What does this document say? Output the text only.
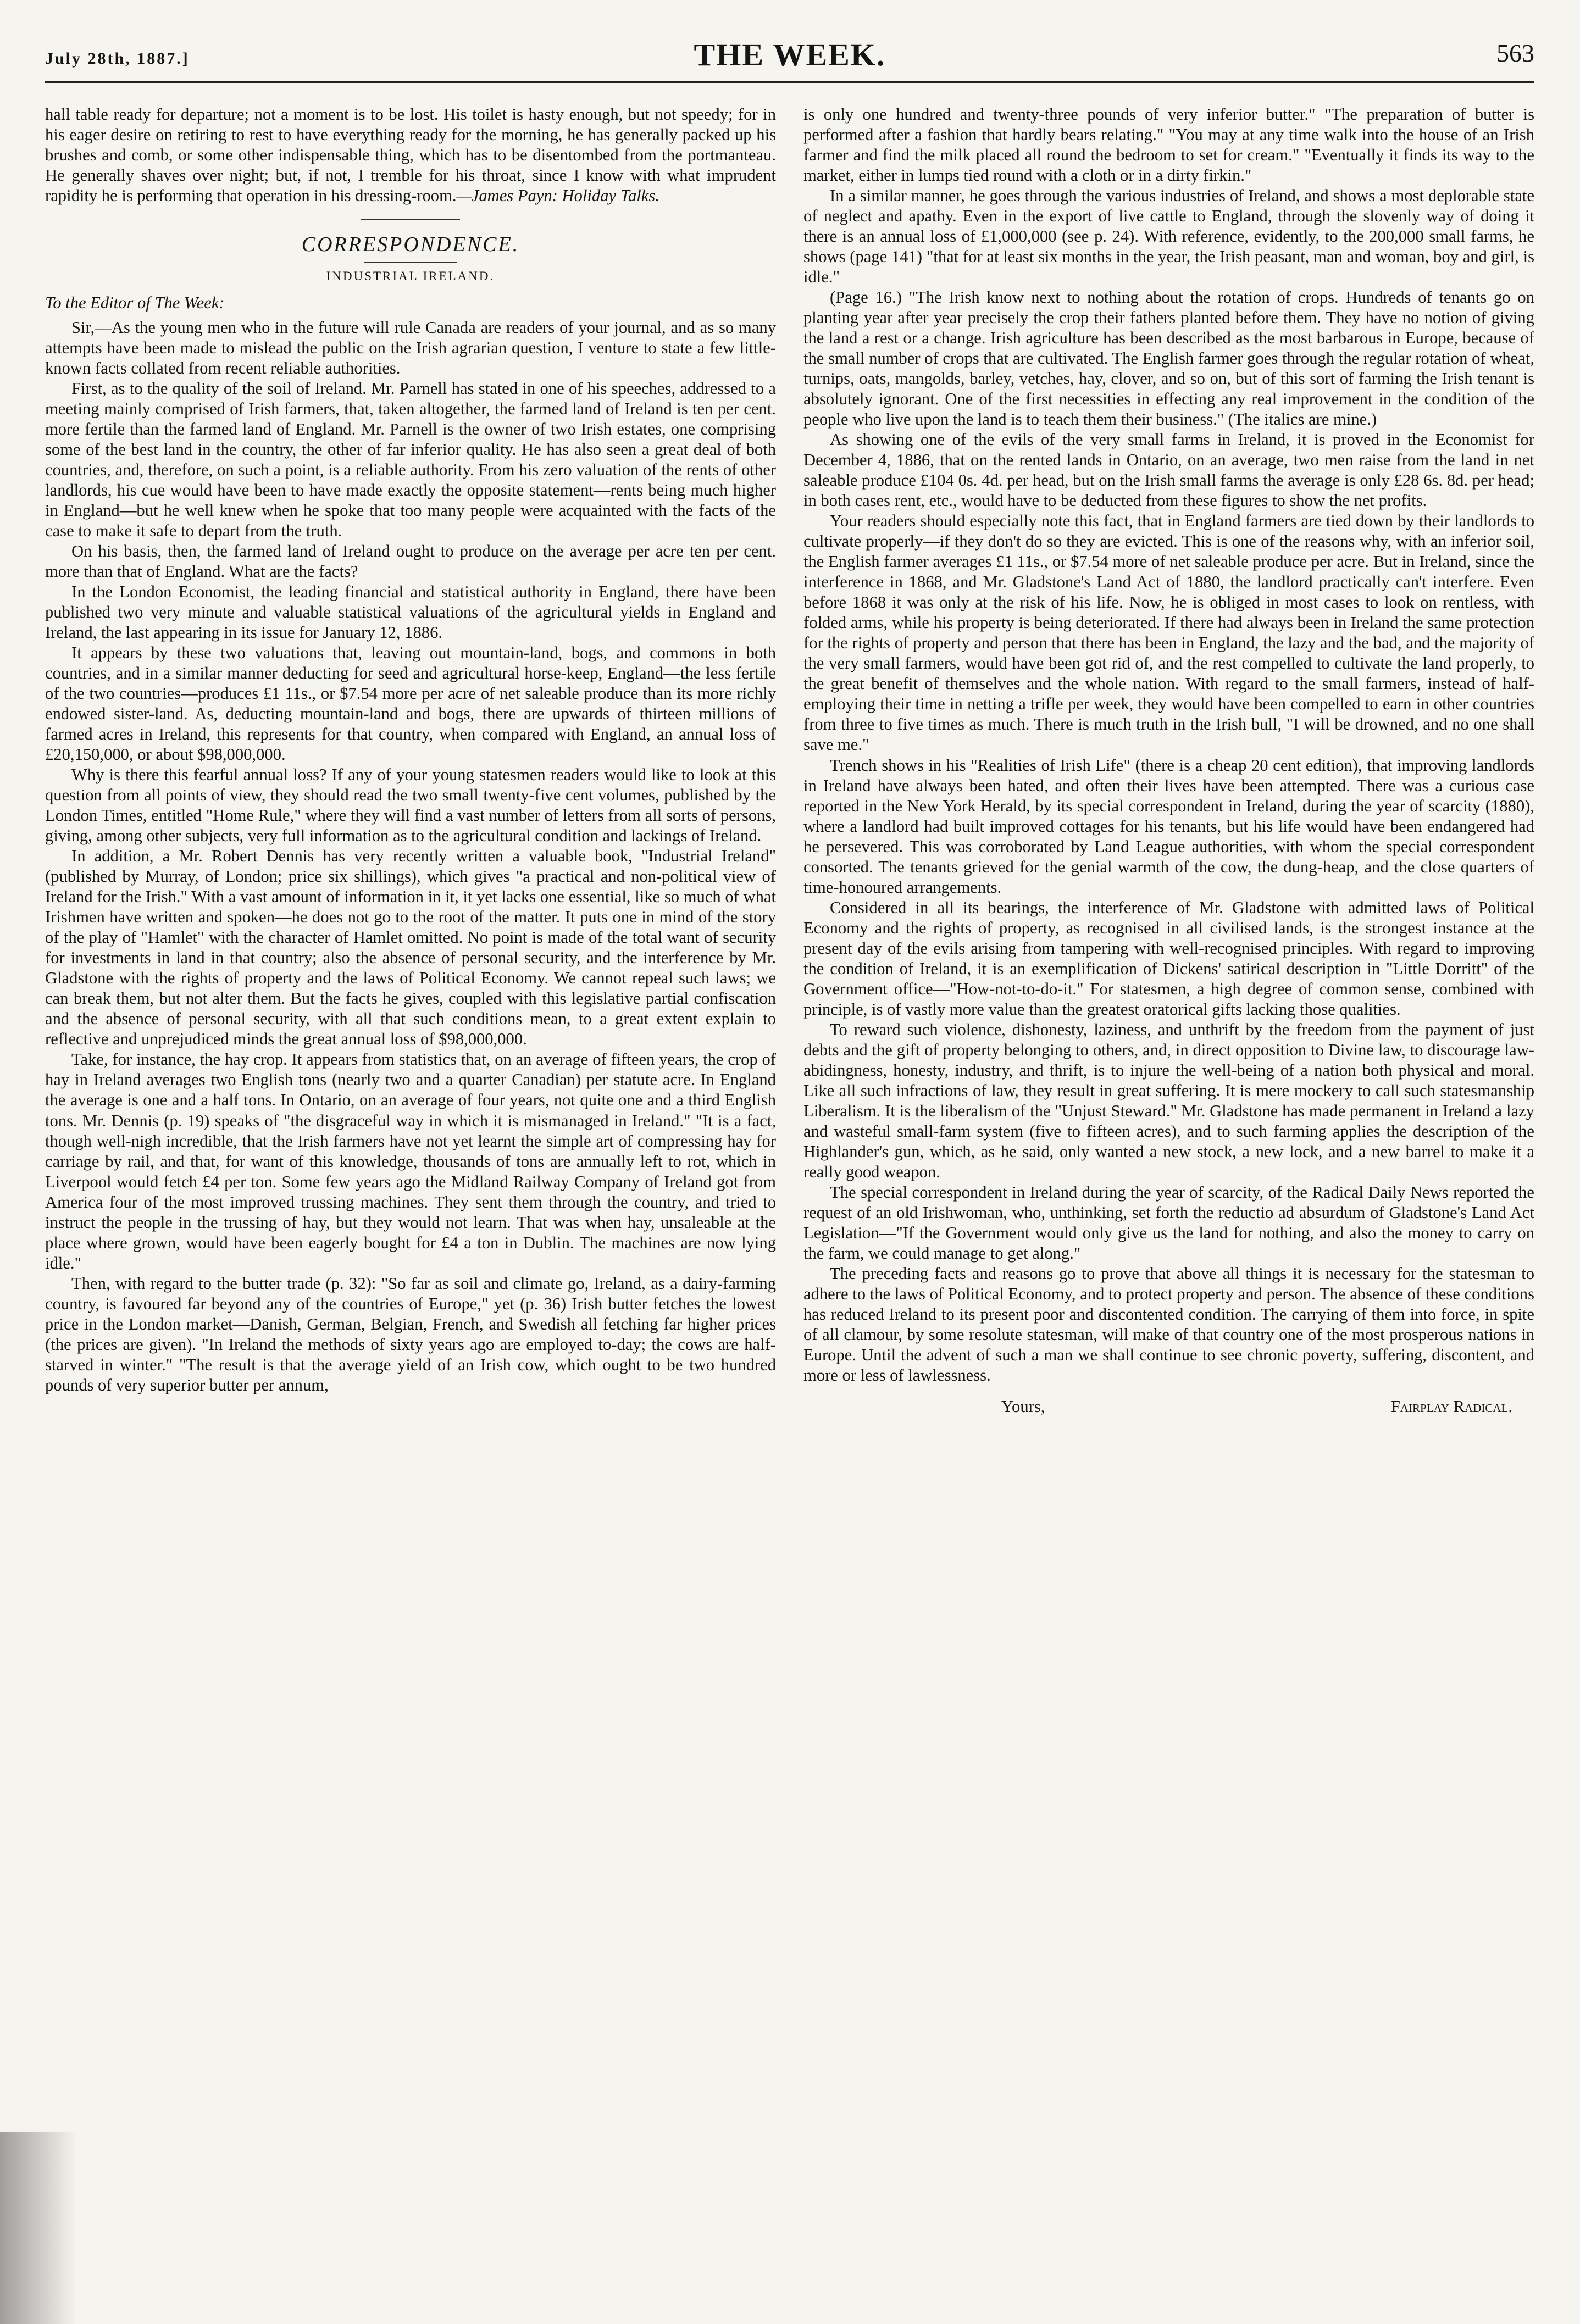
July 28th, 1887.]	THE WEEK.	563

hall table ready for departure; not a moment is to be lost. His toilet is hasty enough, but not speedy; for in his eager desire on retiring to rest to have everything ready for the morning, he has generally packed up his brushes and comb, or some other indispensable thing, which has to be disentombed from the portmanteau. He generally shaves over night; but, if not, I tremble for his throat, since I know with what imprudent rapidity he is performing that operation in his dressing-room.—James Payn: Holiday Talks.

CORRESPONDENCE.
INDUSTRIAL IRELAND.

To the Editor of The Week:

Sir,—As the young men who in the future will rule Canada are readers of your journal, and as so many attempts have been made to mislead the public on the Irish agrarian question, I venture to state a few little-known facts collated from recent reliable authorities.

First, as to the quality of the soil of Ireland. Mr. Parnell has stated in one of his speeches, addressed to a meeting mainly comprised of Irish farmers, that, taken altogether, the farmed land of Ireland is ten per cent. more fertile than the farmed land of England. Mr. Parnell is the owner of two Irish estates, one comprising some of the best land in the country, the other of far inferior quality. He has also seen a great deal of both countries, and, therefore, on such a point, is a reliable authority. From his zero valuation of the rents of other landlords, his cue would have been to have made exactly the opposite statement—rents being much higher in England—but he well knew when he spoke that too many people were acquainted with the facts of the case to make it safe to depart from the truth.

On his basis, then, the farmed land of Ireland ought to produce on the average per acre ten per cent. more than that of England. What are the facts?

In the London Economist, the leading financial and statistical authority in England, there have been published two very minute and valuable statistical valuations of the agricultural yields in England and Ireland, the last appearing in its issue for January 12, 1886.

It appears by these two valuations that, leaving out mountain-land, bogs, and commons in both countries, and in a similar manner deducting for seed and agricultural horse-keep, England—the less fertile of the two countries—produces £1 11s., or $7.54 more per acre of net saleable produce than its more richly endowed sister-land. As, deducting mountain-land and bogs, there are upwards of thirteen millions of farmed acres in Ireland, this represents for that country, when compared with England, an annual loss of £20,150,000, or about $98,000,000.

Why is there this fearful annual loss? If any of your young statesmen readers would like to look at this question from all points of view, they should read the two small twenty-five cent volumes, published by the London Times, entitled "Home Rule," where they will find a vast number of letters from all sorts of persons, giving, among other subjects, very full information as to the agricultural condition and lackings of Ireland.

In addition, a Mr. Robert Dennis has very recently written a valuable book, "Industrial Ireland" (published by Murray, of London; price six shillings), which gives "a practical and non-political view of Ireland for the Irish." With a vast amount of information in it, it yet lacks one essential, like so much of what Irishmen have written and spoken—he does not go to the root of the matter. It puts one in mind of the story of the play of "Hamlet" with the character of Hamlet omitted. No point is made of the total want of security for investments in land in that country; also the absence of personal security, and the interference by Mr. Gladstone with the rights of property and the laws of Political Economy. We cannot repeal such laws; we can break them, but not alter them. But the facts he gives, coupled with this legislative partial confiscation and the absence of personal security, with all that such conditions mean, to a great extent explain to reflective and unprejudiced minds the great annual loss of $98,000,000.

Take, for instance, the hay crop. It appears from statistics that, on an average of fifteen years, the crop of hay in Ireland averages two English tons (nearly two and a quarter Canadian) per statute acre. In England the average is one and a half tons. In Ontario, on an average of four years, not quite one and a third English tons. Mr. Dennis (p. 19) speaks of "the disgraceful way in which it is mismanaged in Ireland." "It is a fact, though well-nigh incredible, that the Irish farmers have not yet learnt the simple art of compressing hay for carriage by rail, and that, for want of this knowledge, thousands of tons are annually left to rot, which in Liverpool would fetch £4 per ton. Some few years ago the Midland Railway Company of Ireland got from America four of the most improved trussing machines. They sent them through the country, and tried to instruct the people in the trussing of hay, but they would not learn. That was when hay, unsaleable at the place where grown, would have been eagerly bought for £4 a ton in Dublin. The machines are now lying idle."

Then, with regard to the butter trade (p. 32): "So far as soil and climate go, Ireland, as a dairy-farming country, is favoured far beyond any of the countries of Europe," yet (p. 36) Irish butter fetches the lowest price in the London market—Danish, German, Belgian, French, and Swedish all fetching far higher prices (the prices are given). "In Ireland the methods of sixty years ago are employed to-day; the cows are half-starved in winter." "The result is that the average yield of an Irish cow, which ought to be two hundred pounds of very superior butter per annum,

is only one hundred and twenty-three pounds of very inferior butter." "The preparation of butter is performed after a fashion that hardly bears relating." "You may at any time walk into the house of an Irish farmer and find the milk placed all round the bedroom to set for cream." "Eventually it finds its way to the market, either in lumps tied round with a cloth or in a dirty firkin."

In a similar manner, he goes through the various industries of Ireland, and shows a most deplorable state of neglect and apathy. Even in the export of live cattle to England, through the slovenly way of doing it there is an annual loss of £1,000,000 (see p. 24). With reference, evidently, to the 200,000 small farms, he shows (page 141) "that for at least six months in the year, the Irish peasant, man and woman, boy and girl, is idle."

(Page 16.) "The Irish know next to nothing about the rotation of crops. Hundreds of tenants go on planting year after year precisely the crop their fathers planted before them. They have no notion of giving the land a rest or a change. Irish agriculture has been described as the most barbarous in Europe, because of the small number of crops that are cultivated. The English farmer goes through the regular rotation of wheat, turnips, oats, mangolds, barley, vetches, hay, clover, and so on, but of this sort of farming the Irish tenant is absolutely ignorant. One of the first necessities in effecting any real improvement in the condition of the people who live upon the land is to teach them their business." (The italics are mine.)

As showing one of the evils of the very small farms in Ireland, it is proved in the Economist for December 4, 1886, that on the rented lands in Ontario, on an average, two men raise from the land in net saleable produce £104 0s. 4d. per head, but on the Irish small farms the average is only £28 6s. 8d. per head; in both cases rent, etc., would have to be deducted from these figures to show the net profits.

Your readers should especially note this fact, that in England farmers are tied down by their landlords to cultivate properly—if they don't do so they are evicted. This is one of the reasons why, with an inferior soil, the English farmer averages £1 11s., or $7.54 more of net saleable produce per acre. But in Ireland, since the interference in 1868, and Mr. Gladstone's Land Act of 1880, the landlord practically can't interfere. Even before 1868 it was only at the risk of his life. Now, he is obliged in most cases to look on rentless, with folded arms, while his property is being deteriorated. If there had always been in Ireland the same protection for the rights of property and person that there has been in England, the lazy and the bad, and the majority of the very small farmers, would have been got rid of, and the rest compelled to cultivate the land properly, to the great benefit of themselves and the whole nation. With regard to the small farmers, instead of half-employing their time in netting a trifle per week, they would have been compelled to earn in other countries from three to five times as much. There is much truth in the Irish bull, "I will be drowned, and no one shall save me."

Trench shows in his "Realities of Irish Life" (there is a cheap 20 cent edition), that improving landlords in Ireland have always been hated, and often their lives have been attempted. There was a curious case reported in the New York Herald, by its special correspondent in Ireland, during the year of scarcity (1880), where a landlord had built improved cottages for his tenants, but his life would have been endangered had he persevered. This was corroborated by Land League authorities, with whom the special correspondent consorted. The tenants grieved for the genial warmth of the cow, the dung-heap, and the close quarters of time-honoured arrangements.

Considered in all its bearings, the interference of Mr. Gladstone with admitted laws of Political Economy and the rights of property, as recognised in all civilised lands, is the strongest instance at the present day of the evils arising from tampering with well-recognised principles. With regard to improving the condition of Ireland, it is an exemplification of Dickens' satirical description in "Little Dorritt" of the Government office—"How-not-to-do-it." For statesmen, a high degree of common sense, combined with principle, is of vastly more value than the greatest oratorical gifts lacking those qualities.

To reward such violence, dishonesty, laziness, and unthrift by the freedom from the payment of just debts and the gift of property belonging to others, and, in direct opposition to Divine law, to discourage law-abidingness, honesty, industry, and thrift, is to injure the well-being of a nation both physical and moral. Like all such infractions of law, they result in great suffering. It is mere mockery to call such statesmanship Liberalism. It is the liberalism of the "Unjust Steward." Mr. Gladstone has made permanent in Ireland a lazy and wasteful small-farm system (five to fifteen acres), and to such farming applies the description of the Highlander's gun, which, as he said, only wanted a new stock, a new lock, and a new barrel to make it a really good weapon.

The special correspondent in Ireland during the year of scarcity, of the Radical Daily News reported the request of an old Irishwoman, who, unthinking, set forth the reductio ad absurdum of Gladstone's Land Act Legislation—"If the Government would only give us the land for nothing, and also the money to carry on the farm, we could manage to get along."

The preceding facts and reasons go to prove that above all things it is necessary for the statesman to adhere to the laws of Political Economy, and to protect property and person. The absence of these conditions has reduced Ireland to its present poor and discontented condition. The carrying of them into force, in spite of all clamour, by some resolute statesman, will make of that country one of the most prosperous nations in Europe. Until the advent of such a man we shall continue to see chronic poverty, suffering, discontent, and more or less of lawlessness.

Yours,	Fairplay Radical.
